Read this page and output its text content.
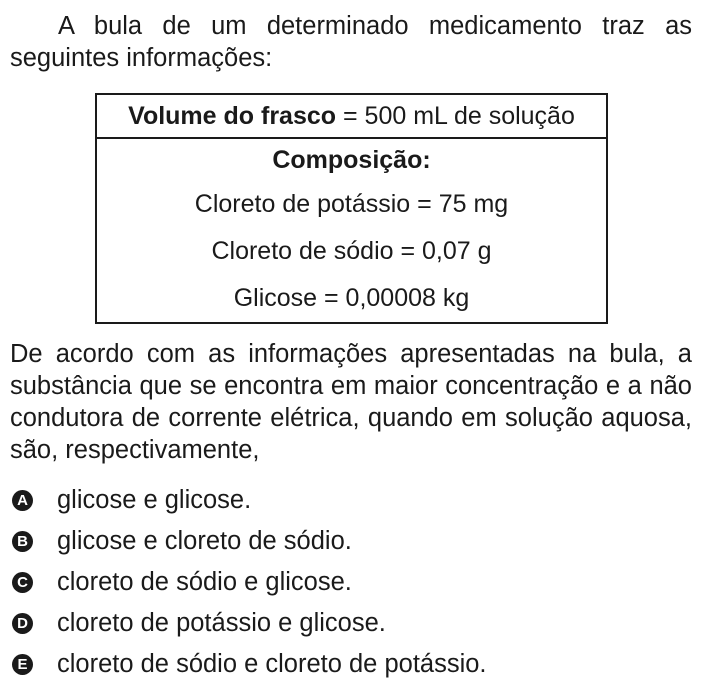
A bula de um determinado medicamento traz as seguintes informações:

Volume do frasco = 500 mL de solução
Composição:
Cloreto de potássio = 75 mg
Cloreto de sódio = 0,07 g
Glicose = 0,00008 kg

De acordo com as informações apresentadas na bula, a substância que se encontra em maior concentração e a não condutora de corrente elétrica, quando em solução aquosa, são, respectivamente,

A glicose e glicose.
B glicose e cloreto de sódio.
C cloreto de sódio e glicose.
D cloreto de potássio e glicose.
E cloreto de sódio e cloreto de potássio.
